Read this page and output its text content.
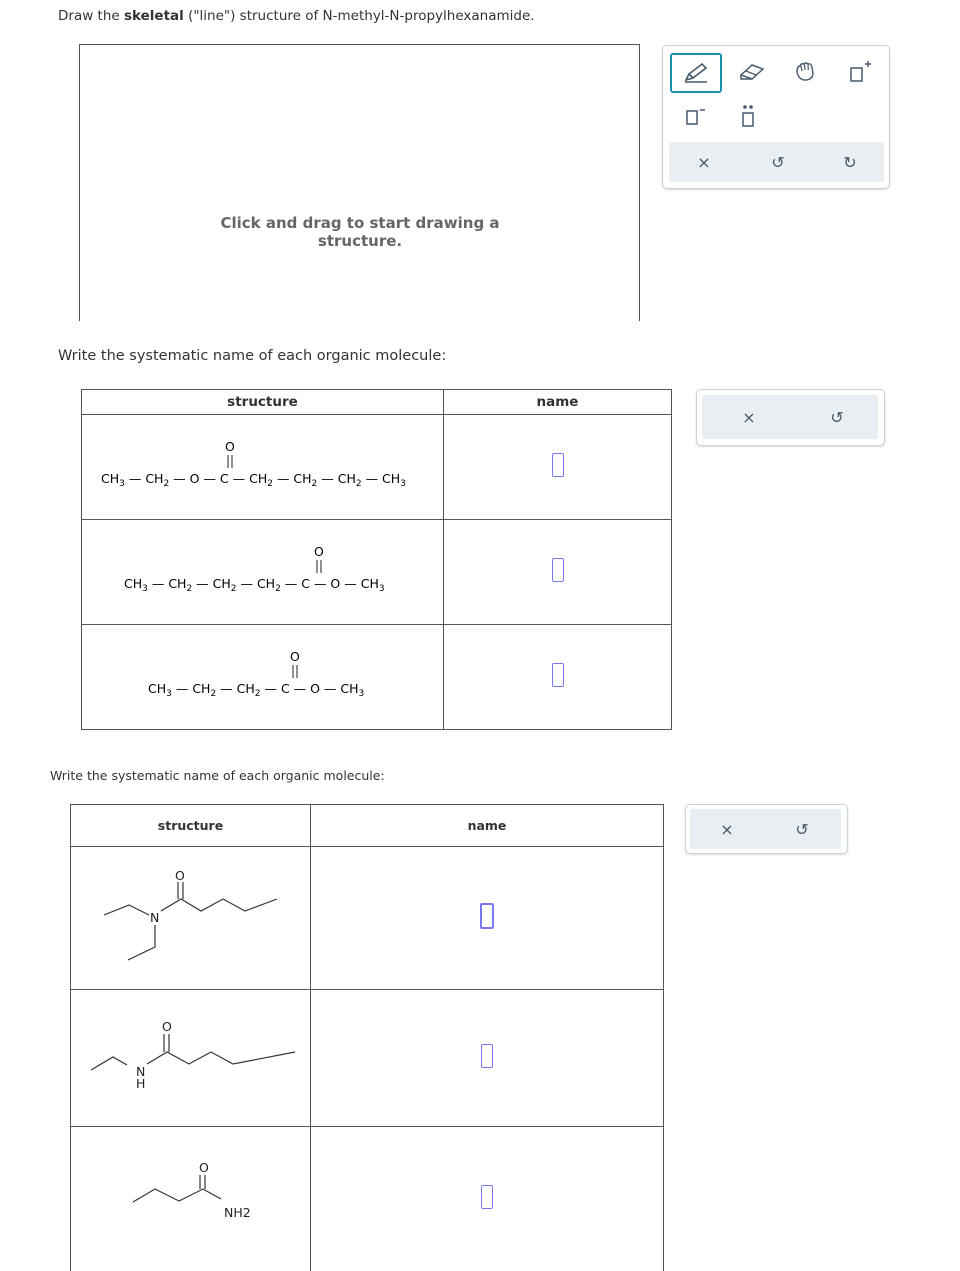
Draw the skeletal ("line") structure of N-methyl-N-propylhexanamide.
Click and drag to start drawing a structure.
×	↺	↻
Write the systematic name of each organic molecule:
structure	name

$CH_3$ — $CH_2$ — O — C — $CH_2$ — $CH_2$ — $CH_2$ — $CH_3$
O	

$CH_3$ — $CH_2$ — $CH_2$ — $CH_2$ — C — O — $CH_3$
O	

$CH_3$ — $CH_2$ — $CH_2$ — C — O — $CH_3$
O	

×	↺
Write the systematic name of each organic molecule:
structure	name

O
N	

O
N
H	

O
NH2	

×	↺
